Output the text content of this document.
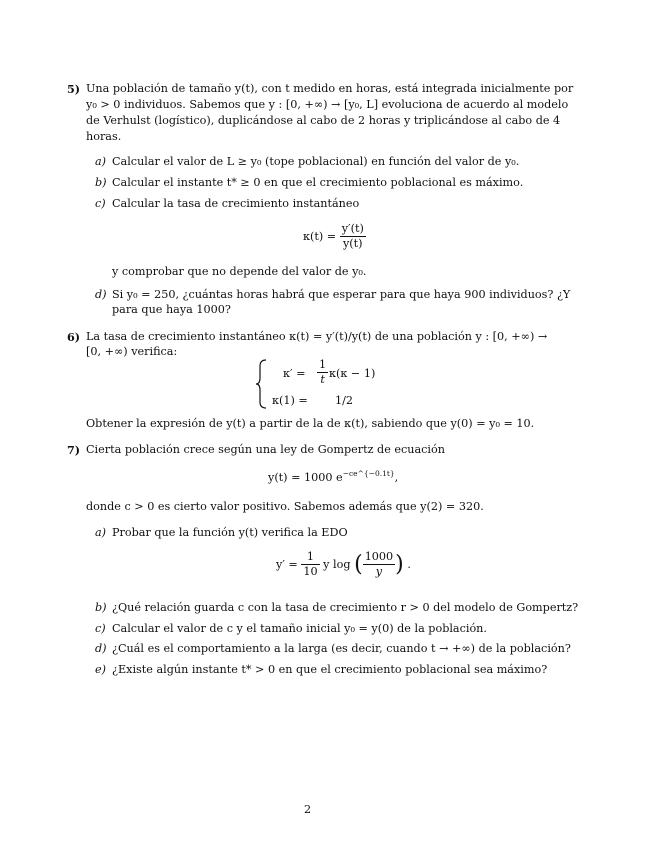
5) Una población de tamaño y(t), con t medido en horas, está integrada inicialmente por
y₀ > 0 individuos. Sabemos que y : [0, +∞) → [y₀, L] evoluciona de acuerdo al modelo
de Verhulst (logístico), duplicándose al cabo de 2 horas y triplicándose al cabo de 4
horas.
a) Calcular el valor de L ≥ y₀ (tope poblacional) en función del valor de y₀.
b) Calcular el instante t* ≥ 0 en que el crecimiento poblacional es máximo.
c) Calcular la tasa de crecimiento instantáneo
$\kappa(t) = \frac{y'(t)}{y(t)}$
y comprobar que no depende del valor de y₀.
d) Si y₀ = 250, ¿cuántas horas habrá que esperar para que haya 900 individuos? ¿Y
para que haya 1000?
6) La tasa de crecimiento instantáneo κ(t) = y′(t)/y(t) de una población y : [0, +∞) →
[0, +∞) verifica:
$\kappa' = \frac{1}{t} \kappa(\kappa - 1)$
κ(1) = 1/2
Obtener la expresión de y(t) a partir de la de κ(t), sabiendo que y(0) = y₀ = 10.
7) Cierta población crece según una ley de Gompertz de ecuación
y(t) = 1000 $e^{-ce\^{}\{-0.1t\}}$,
donde c > 0 es cierto valor positivo. Sabemos además que y(2) = 320.
a) Probar que la función y(t) verifica la EDO
$y' = \frac{1}{10}$ y log ( $\frac{1000}{y}$ ) .
b) ¿Qué relación guarda c con la tasa de crecimiento r > 0 del modelo de Gompertz?
c) Calcular el valor de c y el tamaño inicial y₀ = y(0) de la población.
d) ¿Cuál es el comportamiento a la larga (es decir, cuando t → +∞) de la población?
e) ¿Existe algún instante t* > 0 en que el crecimiento poblacional sea máximo?
2
